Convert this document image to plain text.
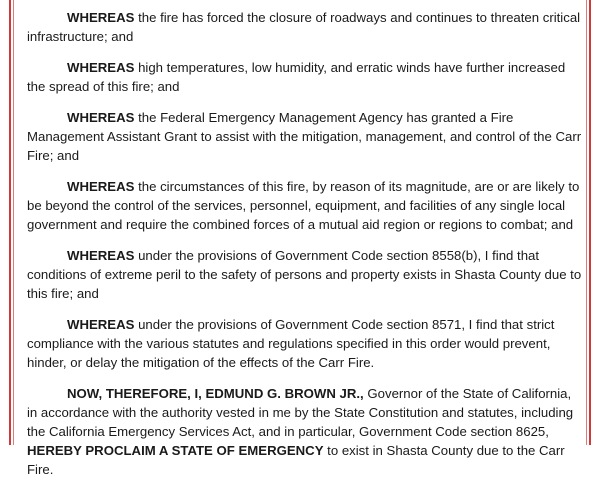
WHEREAS the fire has forced the closure of roadways and continues to threaten critical infrastructure; and

WHEREAS high temperatures, low humidity, and erratic winds have further increased the spread of this fire; and

WHEREAS the Federal Emergency Management Agency has granted a Fire Management Assistant Grant to assist with the mitigation, management, and control of the Carr Fire; and

WHEREAS the circumstances of this fire, by reason of its magnitude, are or are likely to be beyond the control of the services, personnel, equipment, and facilities of any single local government and require the combined forces of a mutual aid region or regions to combat; and

WHEREAS under the provisions of Government Code section 8558(b), I find that conditions of extreme peril to the safety of persons and property exists in Shasta County due to this fire; and

WHEREAS under the provisions of Government Code section 8571, I find that strict compliance with the various statutes and regulations specified in this order would prevent, hinder, or delay the mitigation of the effects of the Carr Fire.

NOW, THEREFORE, I, EDMUND G. BROWN JR., Governor of the State of California, in accordance with the authority vested in me by the State Constitution and statutes, including the California Emergency Services Act, and in particular, Government Code section 8625, HEREBY PROCLAIM A STATE OF EMERGENCY to exist in Shasta County due to the Carr Fire.
